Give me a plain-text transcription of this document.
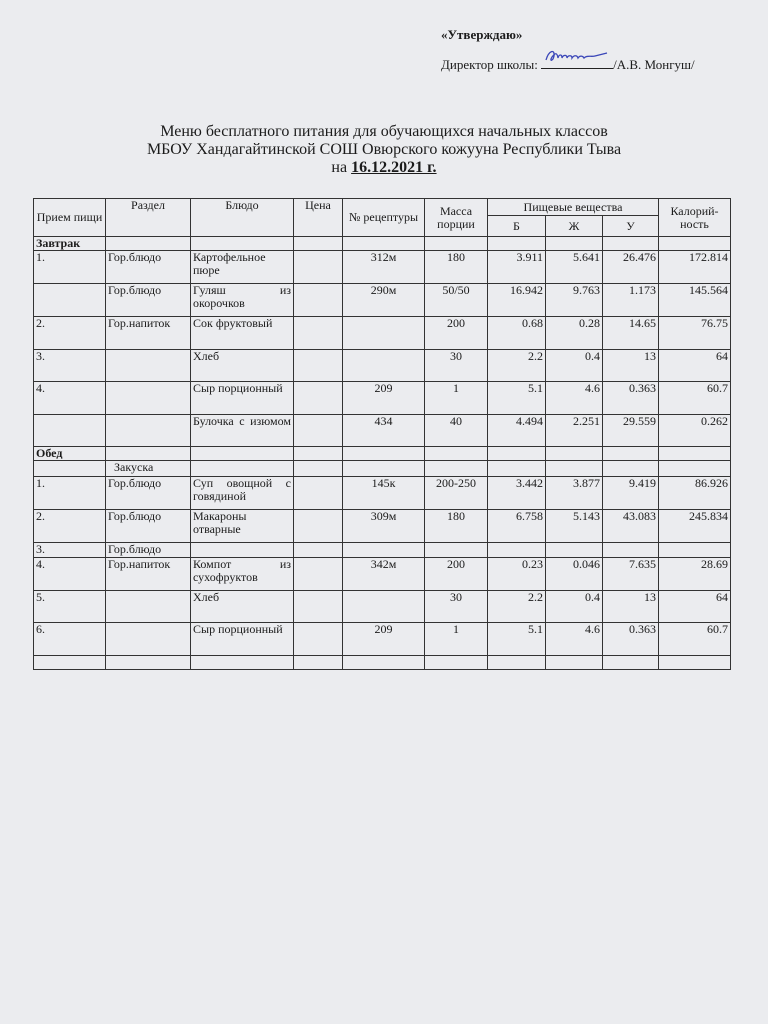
«Утверждаю»
Директор школы:	/А.В. Монгуш/
Меню бесплатного питания для обучающихся начальных классов
МБОУ Хандагайтинской СОШ Овюрского кожууна Республики Тыва
на 16.12.2021 г.
Прием пищи	Раздел	Блюдо	Цена	№ рецептуры	Масса порции	Пищевые вещества			Калорий-ность
						Б	Ж	У	
Завтрак									
1.	Гор.блюдо	Картофельное пюре		312м	180	3.911	5.641	26.476	172.814
	Гор.блюдо	Гуляш из окорочков		290м	50/50	16.942	9.763	1.173	145.564
2.	Гор.напиток	Сок фруктовый			200	0.68	0.28	14.65	76.75
3.		Хлеб			30	2.2	0.4	13	64
4.		Сыр порционный		209	1	5.1	4.6	0.363	60.7
		Булочка с изюмом		434	40	4.494	2.251	29.559	0.262
Обед									
	Закуска								
1.	Гор.блюдо	Суп овощной с говядиной		145к	200-250	3.442	3.877	9.419	86.926
2.	Гор.блюдо	Макароны отварные		309м	180	6.758	5.143	43.083	245.834
3.	Гор.блюдо								
4.	Гор.напиток	Компот из сухофруктов		342м	200	0.23	0.046	7.635	28.69
5.		Хлеб			30	2.2	0.4	13	64
6.		Сыр порционный		209	1	5.1	4.6	0.363	60.7
